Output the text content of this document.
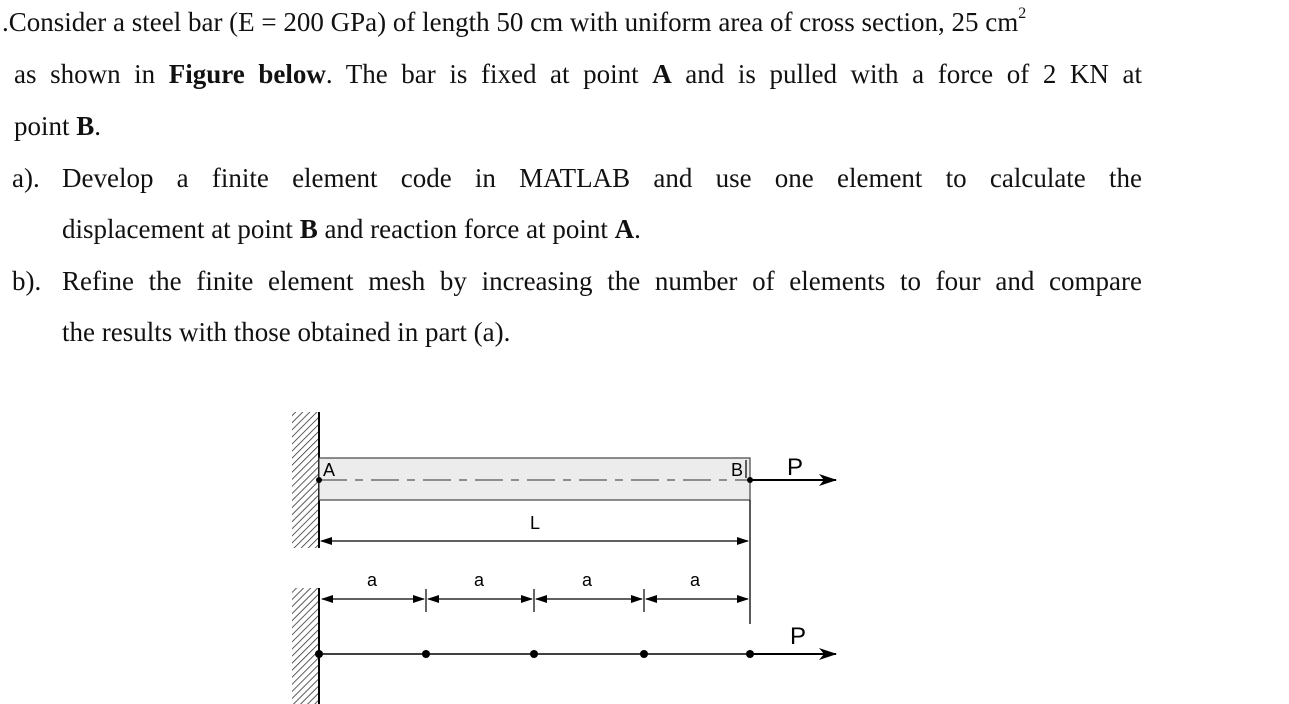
.Consider a steel bar (E = 200 GPa) of length 50 cm with uniform area of cross section, 25 $cm^2$
as shown in Figure below. The bar is fixed at point A and is pulled with a force of 2 KN at
point B.
a). Develop a finite element code in MATLAB and use one element to calculate the
displacement at point B and reaction force at point A.
b). Refine the finite element mesh by increasing the number of elements to four and compare
the results with those obtained in part (a).
A	B P
L
a	a	a	a
P
